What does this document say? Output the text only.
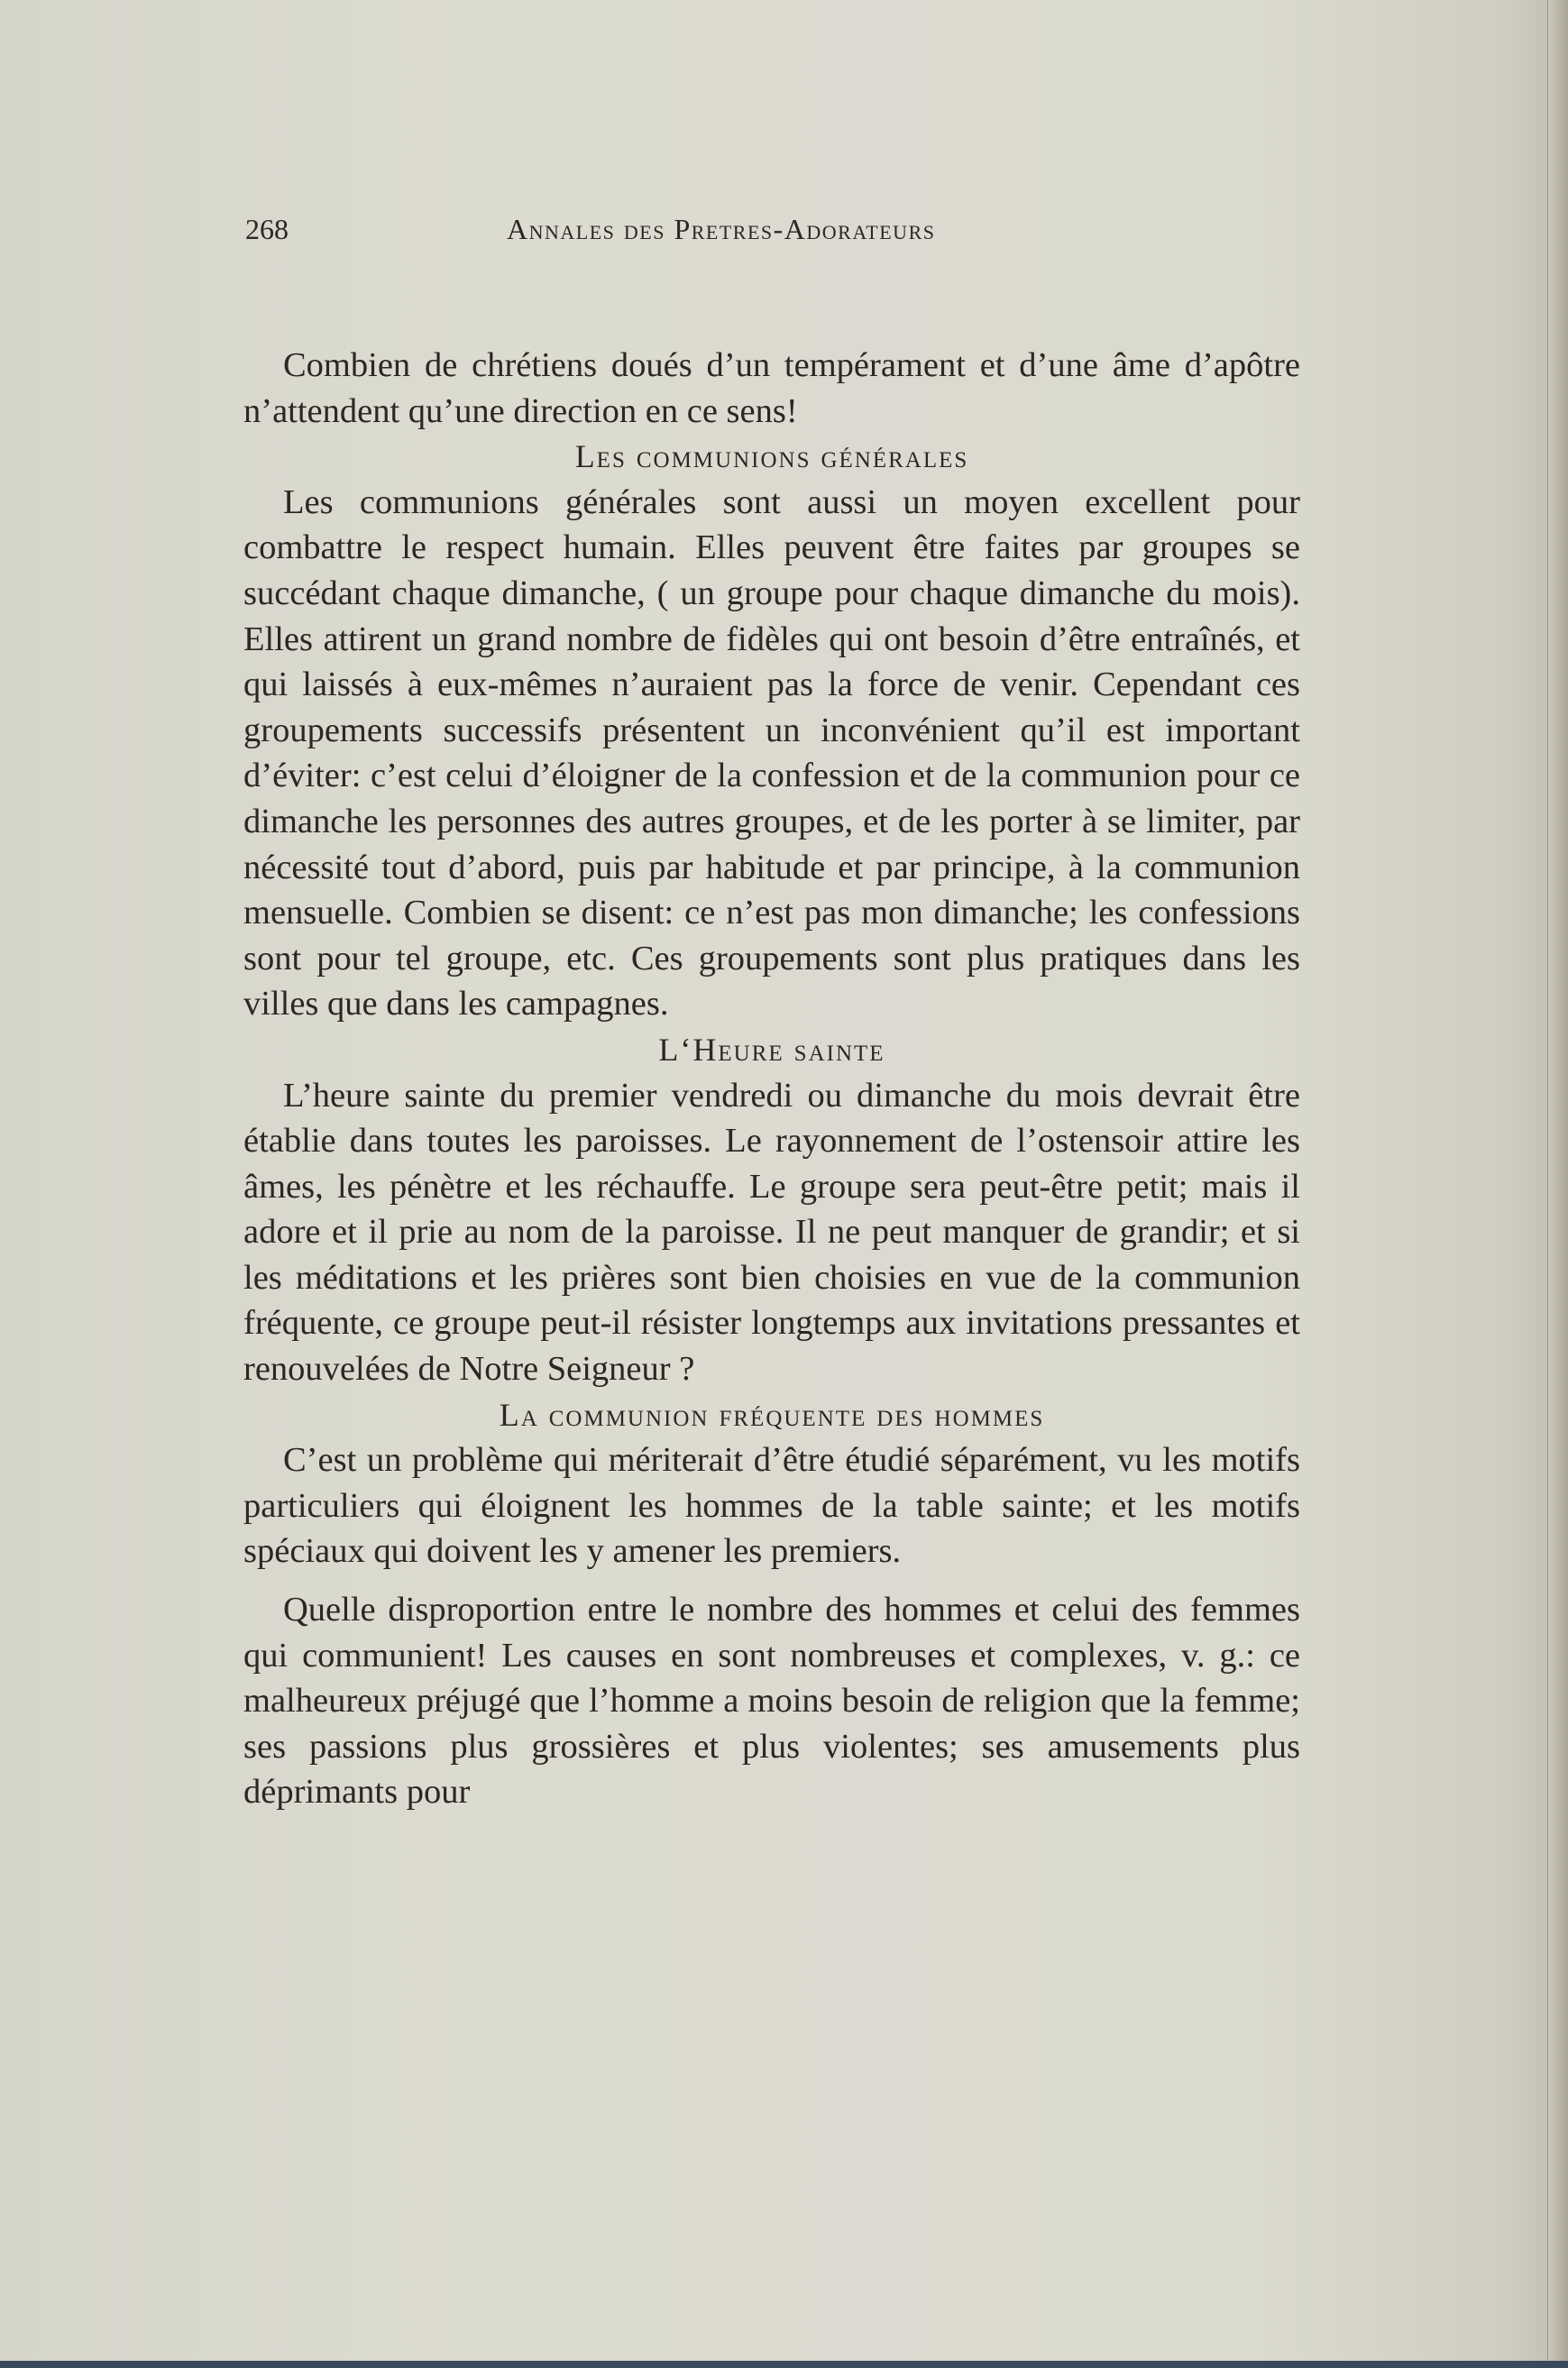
268	Annales des Pretres-Adorateurs

Combien de chrétiens doués d’un tempérament et d’une âme d’apôtre n’attendent qu’une direction en ce sens!

Les communions générales

Les communions générales sont aussi un moyen excellent pour combattre le respect humain. Elles peuvent être faites par groupes se succédant chaque dimanche, ( un groupe pour chaque dimanche du mois). Elles attirent un grand nombre de fidèles qui ont besoin d’être entraînés, et qui laissés à eux-mêmes n’auraient pas la force de venir. Cependant ces groupements successifs présentent un inconvénient qu’il est important d’éviter: c’est celui d’éloigner de la confession et de la communion pour ce dimanche les personnes des autres groupes, et de les porter à se limiter, par nécessité tout d’abord, puis par habitude et par principe, à la communion mensuelle. Combien se disent: ce n’est pas mon dimanche; les confessions sont pour tel groupe, etc. Ces groupements sont plus pratiques dans les villes que dans les campagnes.

L‘Heure sainte

L’heure sainte du premier vendredi ou dimanche du mois devrait être établie dans toutes les paroisses. Le rayonnement de l’ostensoir attire les âmes, les pénètre et les réchauffe. Le groupe sera peut-être petit; mais il adore et il prie au nom de la paroisse. Il ne peut manquer de grandir; et si les méditations et les prières sont bien choisies en vue de la communion fréquente, ce groupe peut-il résister longtemps aux invitations pressantes et renouvelées de Notre Seigneur ?

La communion fréquente des hommes

C’est un problème qui mériterait d’être étudié séparément, vu les motifs particuliers qui éloignent les hommes de la table sainte; et les motifs spéciaux qui doivent les y amener les premiers.

Quelle disproportion entre le nombre des hommes et celui des femmes qui communient! Les causes en sont nombreuses et complexes, v. g.: ce malheureux préjugé que l’homme a moins besoin de religion que la femme; ses passions plus grossières et plus violentes; ses amusements plus déprimants pour
